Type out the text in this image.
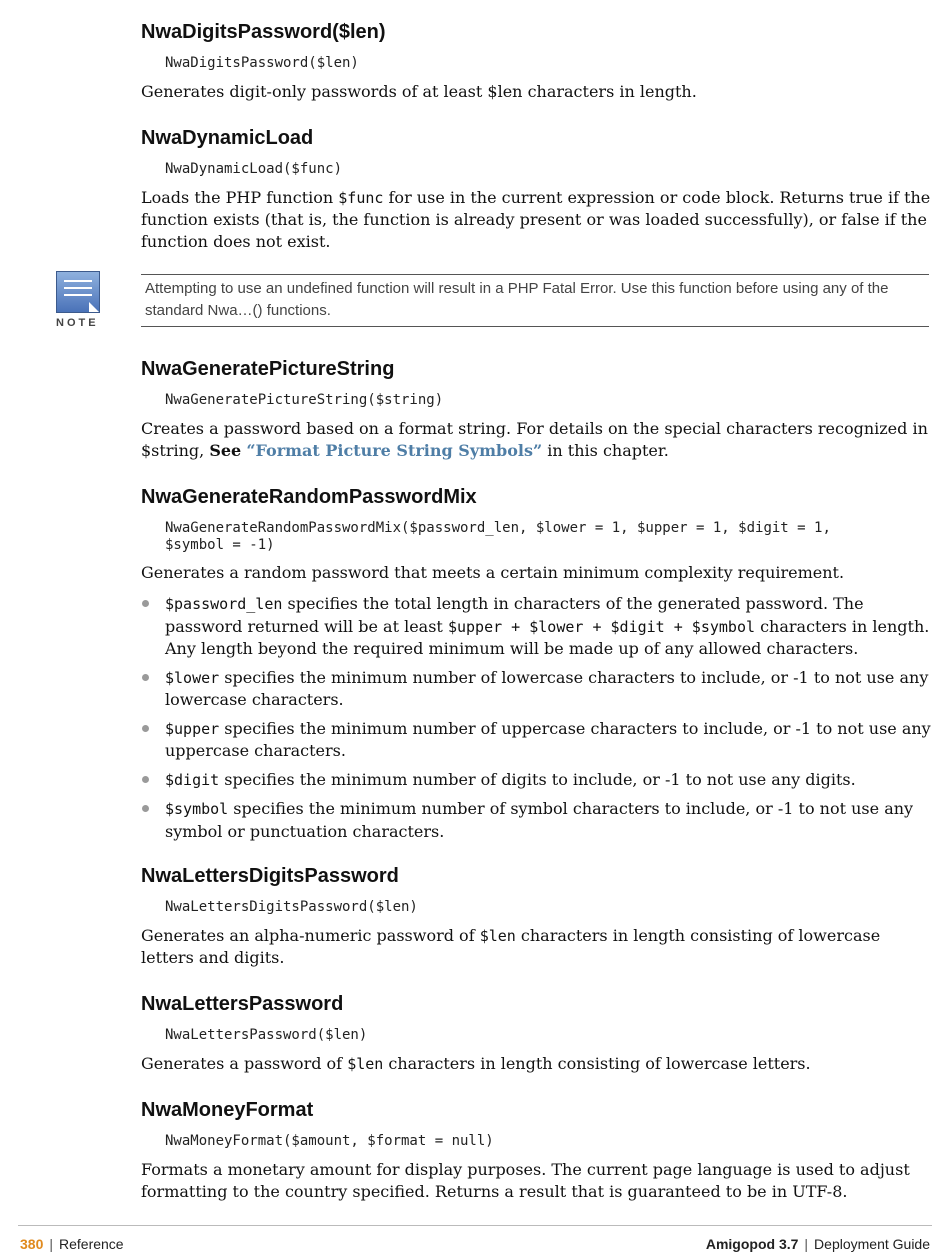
NwaDigitsPassword($len)
NwaDigitsPassword($len)

Generates digit-only passwords of at least $len characters in length.

NwaDynamicLoad
NwaDynamicLoad($func)

Loads the PHP function $func for use in the current expression or code block. Returns true if the function exists (that is, the function is already present or was loaded successfully), or false if the function does not exist.

NwaGeneratePictureString
NwaGeneratePictureString($string)

Creates a password based on a format string. For details on the special characters recognized in $string, See “Format Picture String Symbols” in this chapter.

NwaGenerateRandomPasswordMix
NwaGenerateRandomPasswordMix($password_len, $lower = 1, $upper = 1, $digit = 1,
$symbol = -1)

Generates a random password that meets a certain minimum complexity requirement.

$password_len specifies the total length in characters of the generated password. The password returned will be at least $upper + $lower + $digit + $symbol characters in length. Any length beyond the required minimum will be made up of any allowed characters.
$lower specifies the minimum number of lowercase characters to include, or -1 to not use any lowercase characters.
$upper specifies the minimum number of uppercase characters to include, or -1 to not use any uppercase characters.
$digit specifies the minimum number of digits to include, or -1 to not use any digits.
$symbol specifies the minimum number of symbol characters to include, or -1 to not use any symbol or punctuation characters.
NwaLettersDigitsPassword
NwaLettersDigitsPassword($len)

Generates an alpha-numeric password of $len characters in length consisting of lowercase letters and digits.

NwaLettersPassword
NwaLettersPassword($len)

Generates a password of $len characters in length consisting of lowercase letters.

NwaMoneyFormat
NwaMoneyFormat($amount, $format = null)

Formats a monetary amount for display purposes. The current page language is used to adjust formatting to the country specified. Returns a result that is guaranteed to be in UTF-8.

NOTE
Attempting to use an undefined function will result in a PHP Fatal Error. Use this function before using any of the standard Nwa…() functions.
380 | Reference	Amigopod 3.7 | Deployment Guide
